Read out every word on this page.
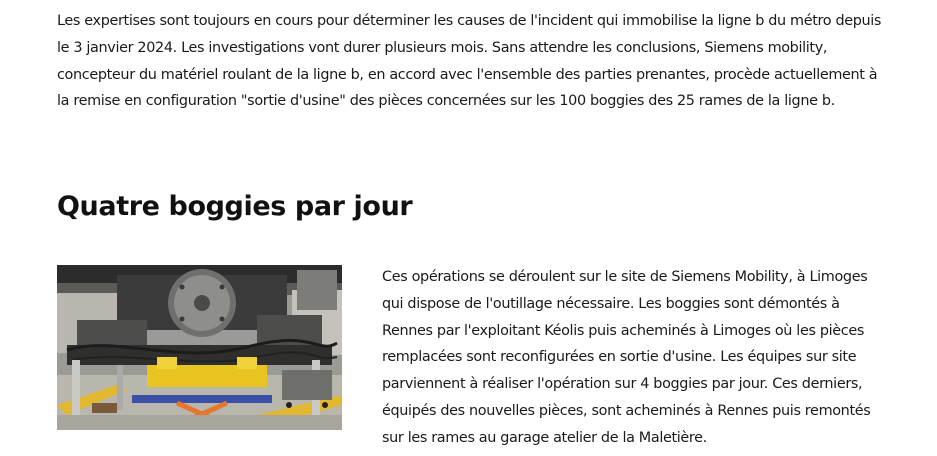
Les expertises sont toujours en cours pour déterminer les causes de l'incident qui immobilise la ligne b du métro depuis le 3 janvier 2024. Les investigations vont durer plusieurs mois. Sans attendre les conclusions, Siemens mobility, concepteur du matériel roulant de la ligne b, en accord avec l'ensemble des parties prenantes, procède actuellement à la remise en configuration "sortie d'usine" des pièces concernées sur les 100 boggies des 25 rames de la ligne b.

Quatre boggies par jour

Ces opérations se déroulent sur le site de Siemens Mobility, à Limoges qui dispose de l'outillage nécessaire. Les boggies sont démontés à Rennes par l'exploitant Kéolis puis acheminés à Limoges où les pièces remplacées sont reconfigurées en sortie d'usine. Les équipes sur site parviennent à réaliser l'opération sur 4 boggies par jour. Ces derniers, équipés des nouvelles pièces, sont acheminés à Rennes puis remontés sur les rames au garage atelier de la Maletière.
